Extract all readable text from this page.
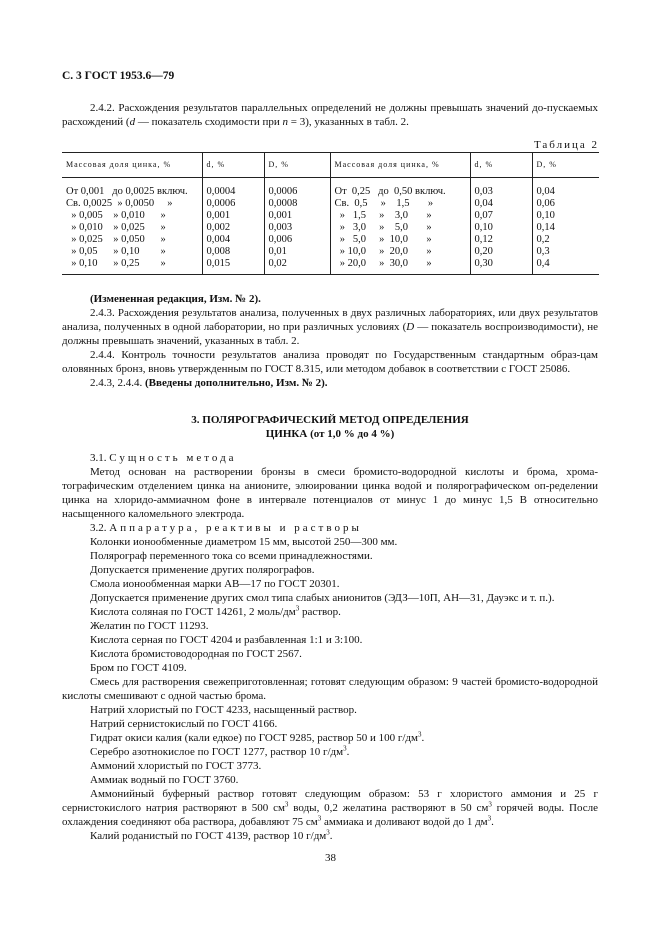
С. 3 ГОСТ 1953.6—79

2.4.2. Расхождения результатов параллельных определений не должны превышать значений до-пускаемых расхождений (d — показатель сходимости при n = 3), указанных в табл. 2.

Таблица 2
Массовая доля цинка, %	d, %	D, %	Массовая доля цинка, %	d, %	D, %
От 0,001   до 0,0025 включ.	0,0004	0,0006	От  0,25   до  0,50 включ.	0,03	0,04
Св. 0,0025  » 0,0050     »	0,0006	0,0008	Св.  0,5     »    1,5       »	0,04	0,06
» 0,005    » 0,010      »	0,001	0,001	»   1,5     »    3,0       »	0,07	0,10
» 0,010    » 0,025      »	0,002	0,003	»   3,0     »    5,0       »	0,10	0,14
» 0,025    » 0,050      »	0,004	0,006	»   5,0     »  10,0       »	0,12	0,2
» 0,05      » 0,10        »	0,008	0,01	» 10,0     »  20,0       »	0,20	0,3
» 0,10      » 0,25        »	0,015	0,02	» 20,0     »  30,0       »	0,30	0,4

(Измененная редакция, Изм. № 2).

2.4.3. Расхождения результатов анализа, полученных в двух различных лабораториях, или двух результатов анализа, полученных в одной лаборатории, но при различных условиях (D — показатель воспроизводимости), не должны превышать значений, указанных в табл. 2.

2.4.4. Контроль точности результатов анализа проводят по Государственным стандартным образ-цам оловянных бронз, вновь утвержденным по ГОСТ 8.315, или методом добавок в соответствии с ГОСТ 25086.

2.4.3, 2.4.4. (Введены дополнительно, Изм. № 2).

3. ПОЛЯРОГРАФИЧЕСКИЙ МЕТОД ОПРЕДЕЛЕНИЯ
ЦИНКА (от 1,0 % до 4 %)

3.1. Сущность метода

Метод основан на растворении бронзы в смеси бромисто-водородной кислоты и брома, хрома-тографическим отделением цинка на анионите, элюировании цинка водой и полярографическом оп-ределении цинка на хлоридо-аммиачном фоне в интервале потенциалов от минус 1 до минус 1,5 В относительно насыщенного каломельного электрода.

3.2. Аппаратура, реактивы и растворы

Колонки ионообменные диаметром 15 мм, высотой 250—300 мм.

Полярограф переменного тока со всеми принадлежностями.

Допускается применение других полярографов.

Смола ионообменная марки АВ—17 по ГОСТ 20301.

Допускается применение других смол типа слабых анионитов (ЭДЗ—10П, АН—31, Дауэкс и т. п.).

Кислота соляная по ГОСТ 14261, 2 моль/$дм^3$ раствор.

Желатин по ГОСТ 11293.

Кислота серная по ГОСТ 4204 и разбавленная 1:1 и 3:100.

Кислота бромистоводородная по ГОСТ 2567.

Бром по ГОСТ 4109.

Смесь для растворения свежеприготовленная; готовят следующим образом: 9 частей бромисто-водородной кислоты смешивают с одной частью брома.

Натрий хлористый по ГОСТ 4233, насыщенный раствор.

Натрий сернистокислый по ГОСТ 4166.

Гидрат окиси калия (кали едкое) по ГОСТ 9285, раствор 50 и 100 $г/дм^3$.

Серебро азотнокислое по ГОСТ 1277, раствор 10 $г/дм^3$.

Аммоний хлористый по ГОСТ 3773.

Аммиак водный по ГОСТ 3760.

Аммонийный буферный раствор готовят следующим образом: 53 г хлористого аммония и 25 г сернистокислого натрия растворяют в 500 $см^3$ воды, 0,2 желатина растворяют в 50 $см^3$ горячей воды. После охлаждения соединяют оба раствора, добавляют 75 $см^3$ аммиака и доливают водой до 1 $дм^3$.

Калий роданистый по ГОСТ 4139, раствор 10 $г/дм^3$.

38
